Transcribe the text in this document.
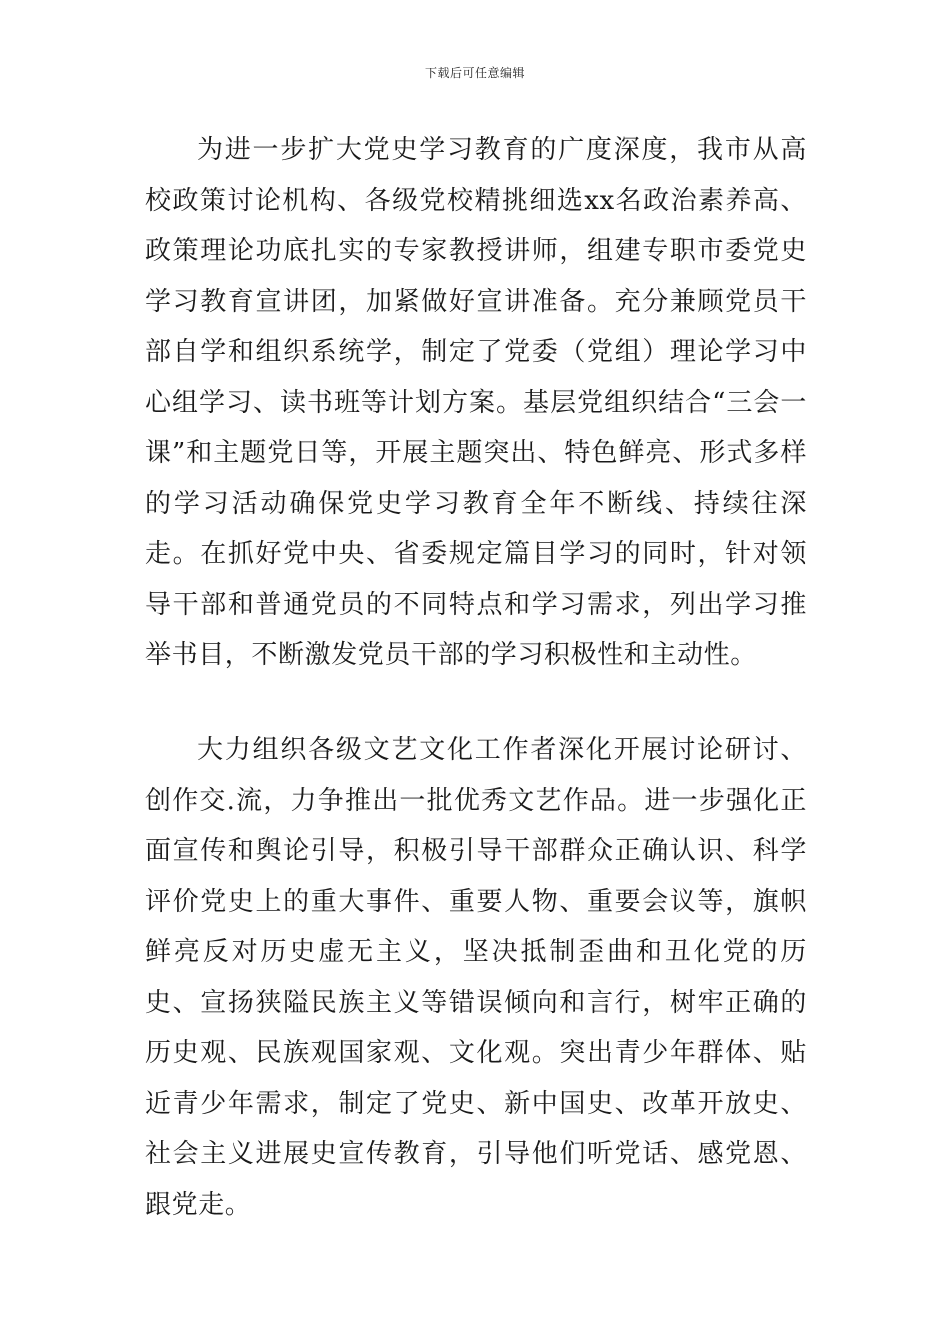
下载后可任意编辑

为进一步扩大党史学习教育的广度深度，我市从高校政策讨论机构、各级党校精挑细选xx名政治素养高、政策理论功底扎实的专家教授讲师，组建专职市委党史学习教育宣讲团，加紧做好宣讲准备。充分兼顾党员干部自学和组织系统学，制定了党委（党组）理论学习中心组学习、读书班等计划方案。基层党组织结合“三会一课”和主题党日等，开展主题突出、特色鲜亮、形式多样的学习活动确保党史学习教育全年不断线、持续往深走。在抓好党中央、省委规定篇目学习的同时，针对领导干部和普通党员的不同特点和学习需求，列出学习推举书目，不断激发党员干部的学习积极性和主动性。

大力组织各级文艺文化工作者深化开展讨论研讨、创作交.流，力争推出一批优秀文艺作品。进一步强化正面宣传和舆论引导，积极引导干部群众正确认识、科学评价党史上的重大事件、重要人物、重要会议等，旗帜鲜亮反对历史虚无主义，坚决抵制歪曲和丑化党的历史、宣扬狭隘民族主义等错误倾向和言行，树牢正确的历史观、民族观国家观、文化观。突出青少年群体、贴近青少年需求，制定了党史、新中国史、改革开放史、社会主义进展史宣传教育，引导他们听党话、感党恩、跟党走。
